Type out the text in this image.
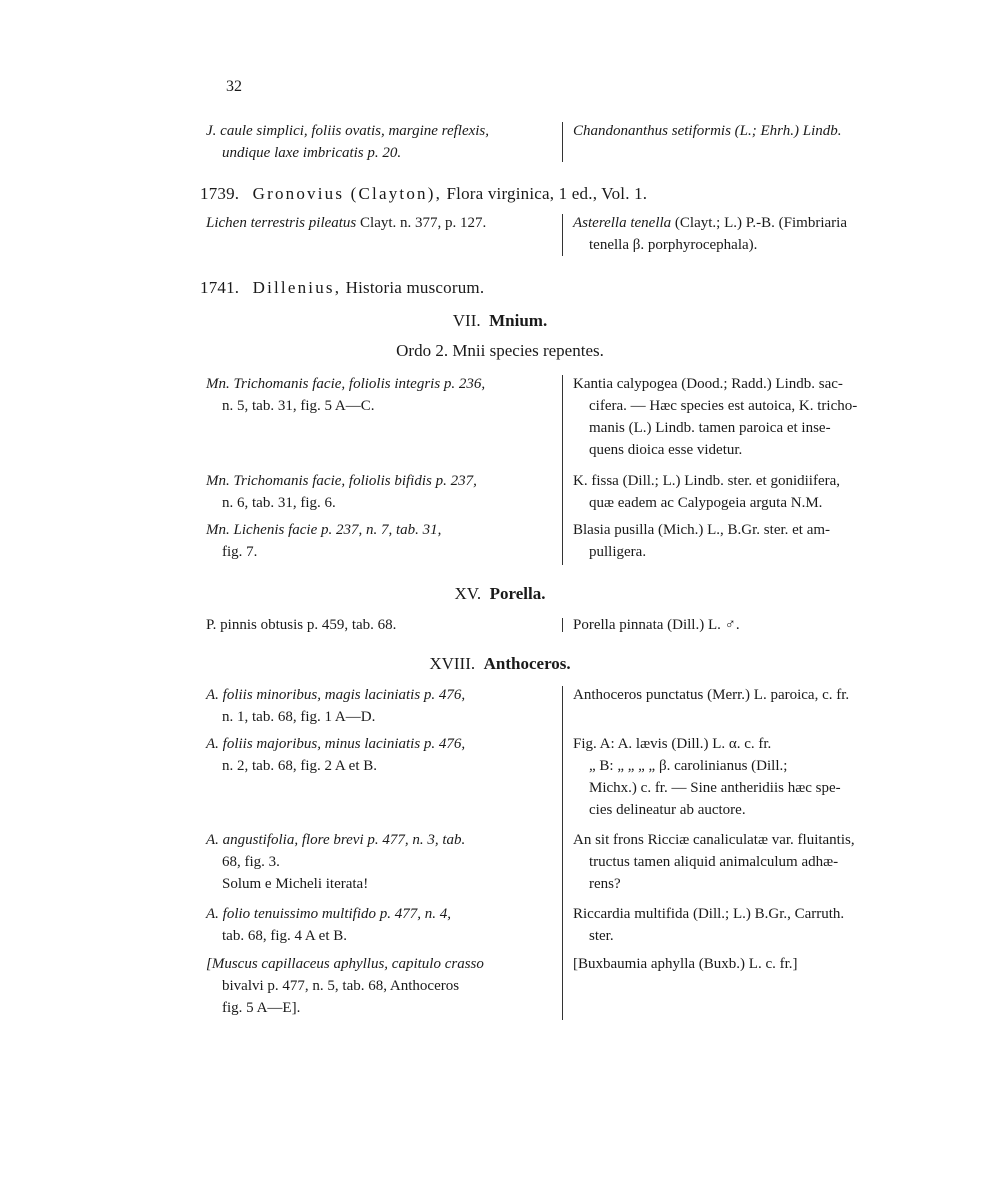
32
J. caule simplici, foliis ovatis, margine reflexis,
undique laxe imbricatis p. 20.
Chandonanthus setiformis (L.; Ehrh.) Lindb.
1739. Gronovius (Clayton), Flora virginica, 1 ed., Vol. 1.
Lichen terrestris pileatus Clayt. n. 377, p. 127.	Asterella tenella (Clayt.; L.) P.-B. (Fimbriaria
tenella β. porphyrocephala).
1741. Dillenius, Historia muscorum.
VII. Mnium.
Ordo 2. Mnii species repentes.
Mn. Trichomanis facie, foliolis integris p. 236,
n. 5, tab. 31, fig. 5 A—C.
Kantia calypogea (Dood.; Radd.) Lindb. sac-
cifera. — Hæc species est autoica, K. tricho-
manis (L.) Lindb. tamen paroica et inse-
quens dioica esse videtur.
Mn. Trichomanis facie, foliolis bifidis p. 237,
n. 6, tab. 31, fig. 6.
K. fissa (Dill.; L.) Lindb. ster. et gonidiifera,
quæ eadem ac Calypogeia arguta N.M.
Mn. Lichenis facie p. 237, n. 7, tab. 31,
fig. 7.
Blasia pusilla (Mich.) L., B.Gr. ster. et am-
pulligera.
XV. Porella.
P. pinnis obtusis p. 459, tab. 68.	Porella pinnata (Dill.) L. ♂.
XVIII. Anthoceros.
A. foliis minoribus, magis laciniatis p. 476,
n. 1, tab. 68, fig. 1 A—D.
Anthoceros punctatus (Merr.) L. paroica, c. fr.
A. foliis majoribus, minus laciniatis p. 476,
n. 2, tab. 68, fig. 2 A et B.
Fig. A: A. lævis (Dill.) L. α. c. fr.
„ B: „ „ „ „ β. carolinianus (Dill.;
Michx.) c. fr. — Sine antheridiis hæc spe-
cies delineatur ab auctore.
A. angustifolia, flore brevi p. 477, n. 3, tab.
68, fig. 3.
Solum e Micheli iterata!
An sit frons Ricciæ canaliculatæ var. fluitantis,
tructus tamen aliquid animalculum adhæ-
rens?
A. folio tenuissimo multifido p. 477, n. 4,
tab. 68, fig. 4 A et B.
Riccardia multifida (Dill.; L.) B.Gr., Carruth.
ster.
[Muscus capillaceus aphyllus, capitulo crasso
bivalvi p. 477, n. 5, tab. 68, Anthoceros
fig. 5 A—E].
[Buxbaumia aphylla (Buxb.) L. c. fr.]
